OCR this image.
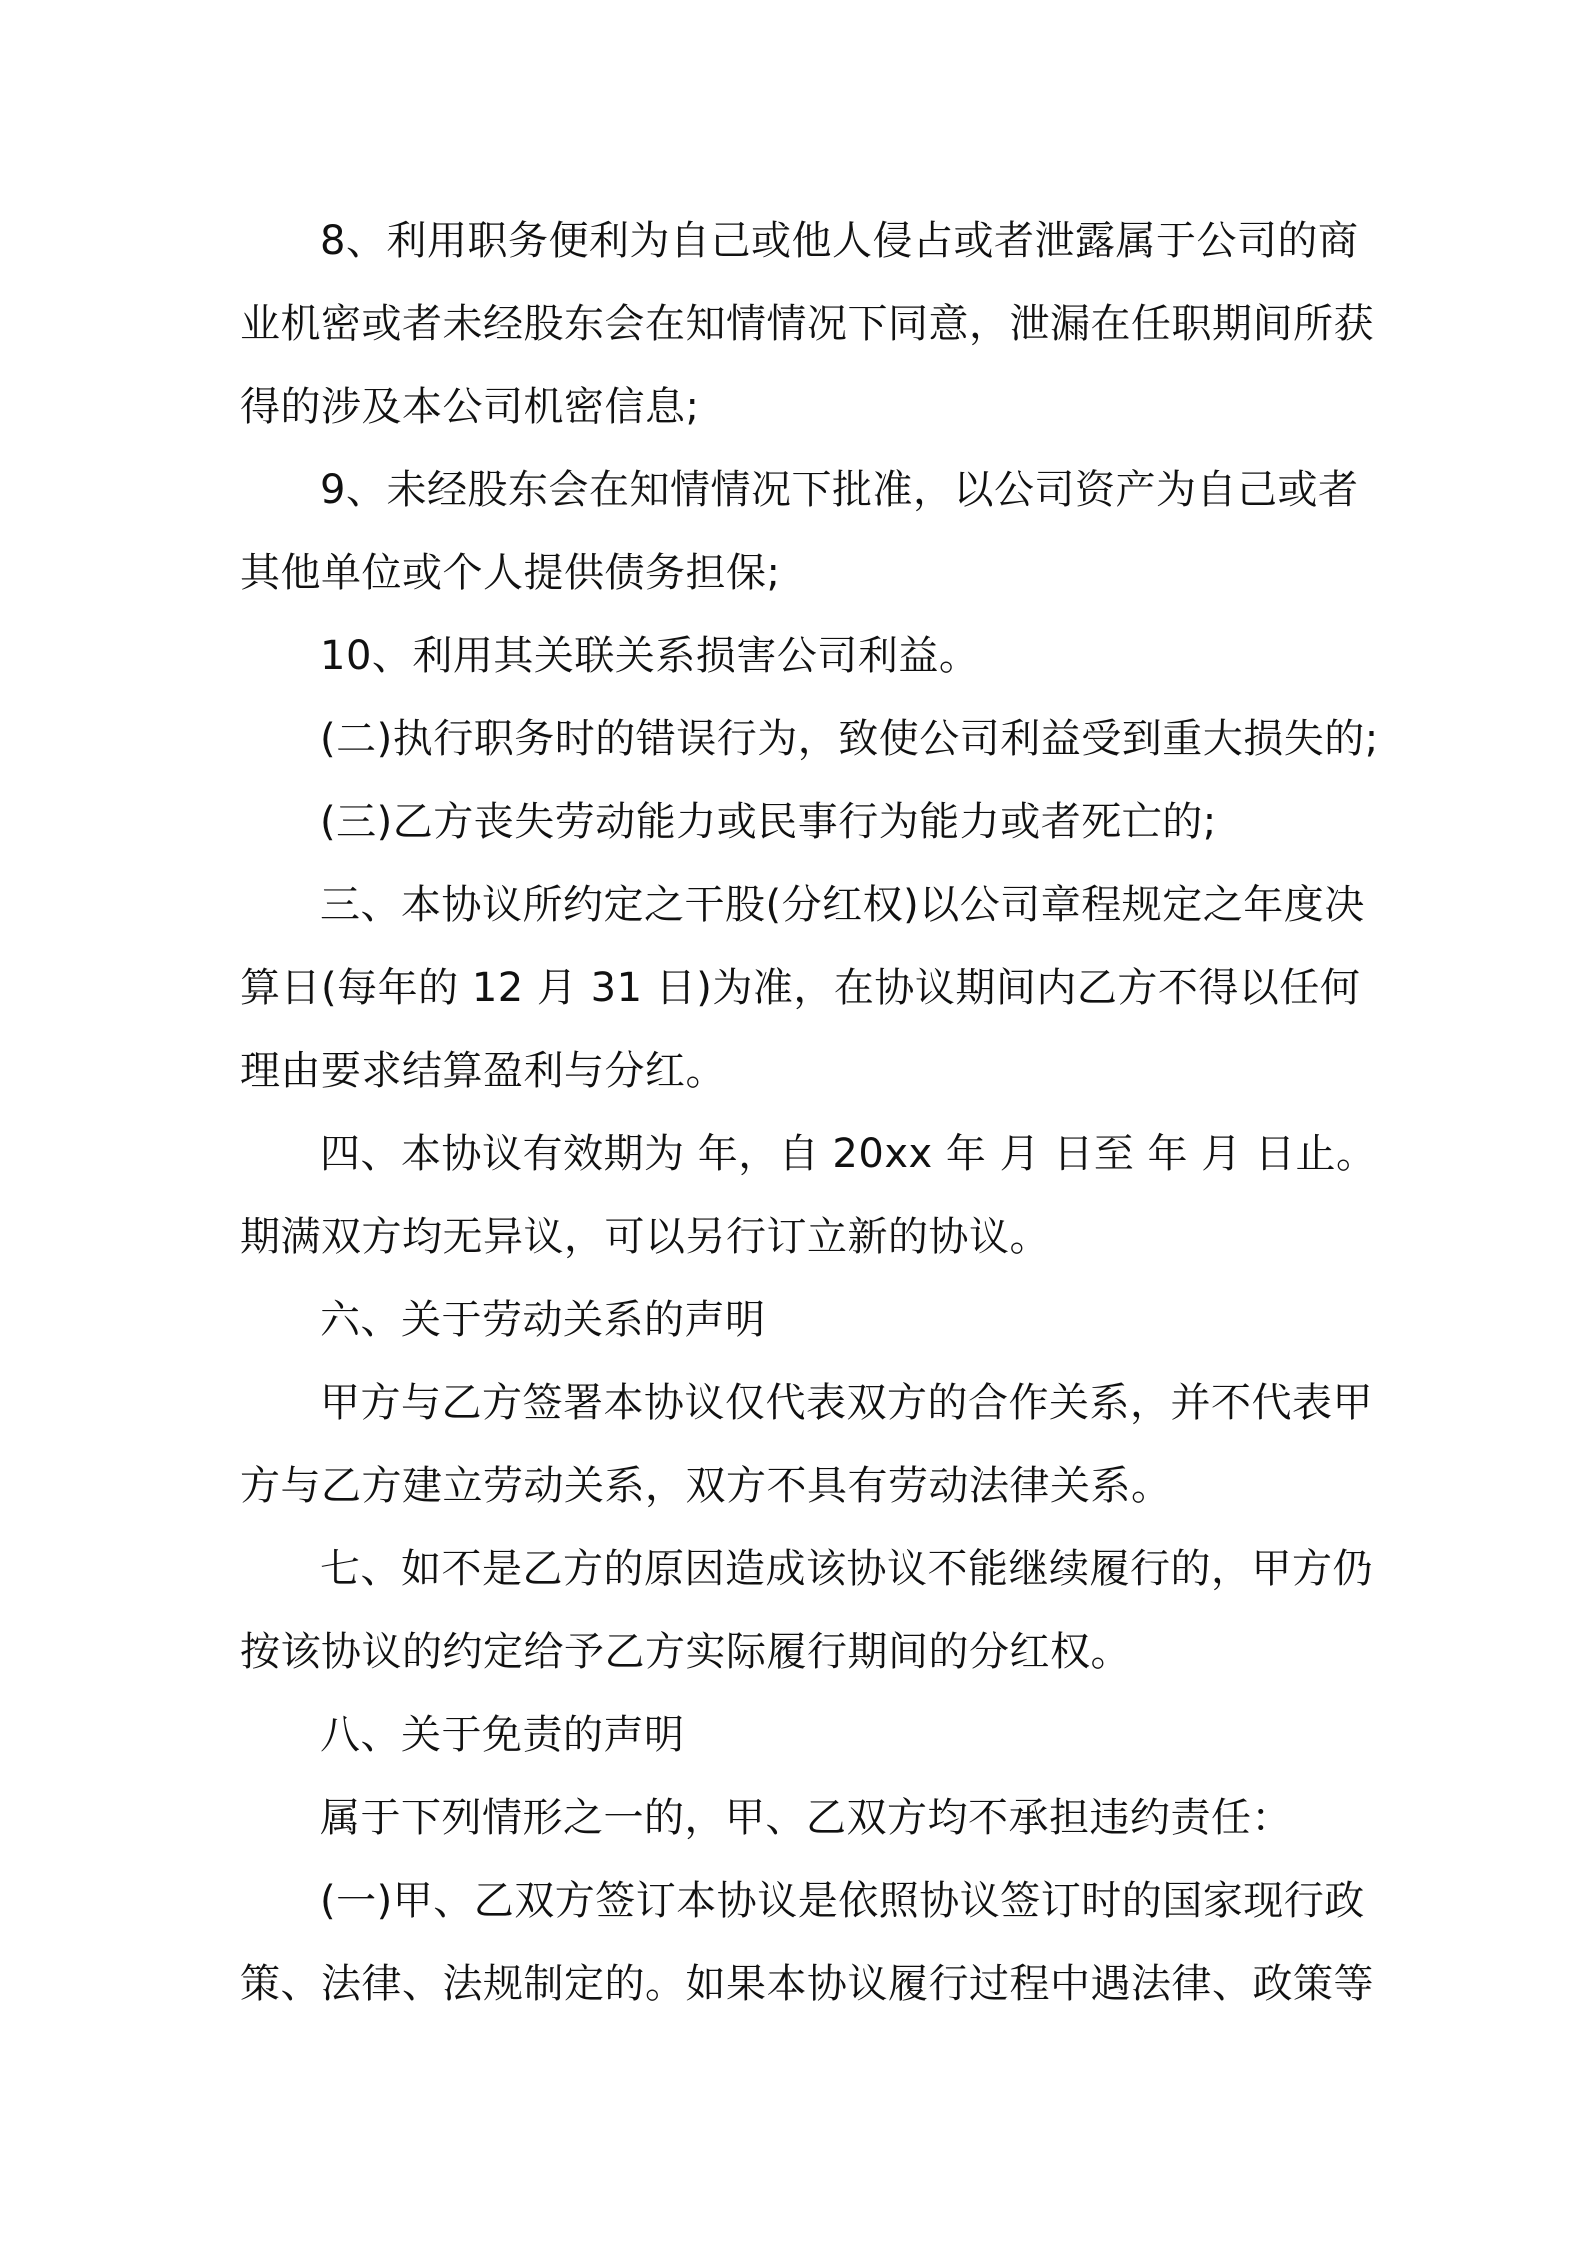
8、利用职务便利为自己或他人侵占或者泄露属于公司的商
业机密或者未经股东会在知情情况下同意，泄漏在任职期间所获
得的涉及本公司机密信息;

9、未经股东会在知情情况下批准，以公司资产为自己或者
其他单位或个人提供债务担保;

10、利用其关联关系损害公司利益。

(二)执行职务时的错误行为，致使公司利益受到重大损失的;

(三)乙方丧失劳动能力或民事行为能力或者死亡的;

三、本协议所约定之干股(分红权)以公司章程规定之年度决
算日(每年的 12 月 31 日)为准，在协议期间内乙方不得以任何
理由要求结算盈利与分红。

四、本协议有效期为 年，自 20xx 年 月 日至 年 月 日止。
期满双方均无异议，可以另行订立新的协议。

六、关于劳动关系的声明

甲方与乙方签署本协议仅代表双方的合作关系，并不代表甲
方与乙方建立劳动关系，双方不具有劳动法律关系。

七、如不是乙方的原因造成该协议不能继续履行的，甲方仍
按该协议的约定给予乙方实际履行期间的分红权。

八、关于免责的声明

属于下列情形之一的，甲、乙双方均不承担违约责任：

(一)甲、乙双方签订本协议是依照协议签订时的国家现行政
策、法律、法规制定的。如果本协议履行过程中遇法律、政策等
